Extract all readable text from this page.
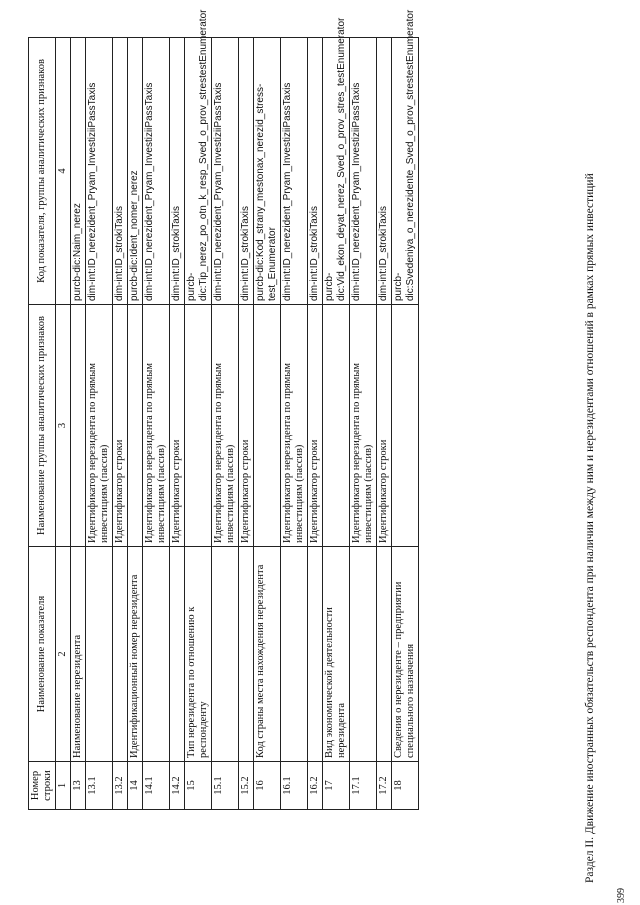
399
Раздел II. Движение иностранных обязательств респондента при наличии между ним и нерезидентами отношений в рамках прямых инвестиций
Номер строки	Наименование показателя	Наименование группы аналитических признаков	Код показателя, группы аналитических признаков
1	2	3	4
13	Наименование нерезидента		purcb-dic:Naim_nerez
13.1		Идентификатор нерезидента по прямым инвестициям (пассив)	dim-int:ID_nerezident_Pryam_InvestiziiPassTaxis
13.2		Идентификатор строки	dim-int:ID_strokiTaxis
14	Идентификационный номер нерезидента		purcb-dic:Ident_nomer_nerez
14.1		Идентификатор нерезидента по прямым инвестициям (пассив)	dim-int:ID_nerezident_Pryam_InvestiziiPassTaxis
14.2		Идентификатор строки	dim-int:ID_strokiTaxis
15	Тип нерезидента по отношению к респонденту		purcb-dic:Tip_nerez_po_otn_k_resp_Sved_o_prov_strestestEnumerator
15.1		Идентификатор нерезидента по прямым инвестициям (пассив)	dim-int:ID_nerezident_Pryam_InvestiziiPassTaxis
15.2		Идентификатор строки	dim-int:ID_strokiTaxis
16	Код страны места нахождения нерезидента		purcb-dic:Kod_strany_mestonax_nerezid_stress-test_Enumerator
16.1		Идентификатор нерезидента по прямым инвестициям (пассив)	dim-int:ID_nerezident_Pryam_InvestiziiPassTaxis
16.2		Идентификатор строки	dim-int:ID_strokiTaxis
17	Вид экономической деятельности нерезидента		purcb-dic:Vid_ekon_deyat_nerez_Sved_o_prov_stres_testEnumerator
17.1		Идентификатор нерезидента по прямым инвестициям (пассив)	dim-int:ID_nerezident_Pryam_InvestiziiPassTaxis
17.2		Идентификатор строки	dim-int:ID_strokiTaxis
18	Сведения о нерезиденте – предприятии специального назначения		purcb-dic:Svedeniya_o_nerezidente_Sved_o_prov_strestestEnumerator
